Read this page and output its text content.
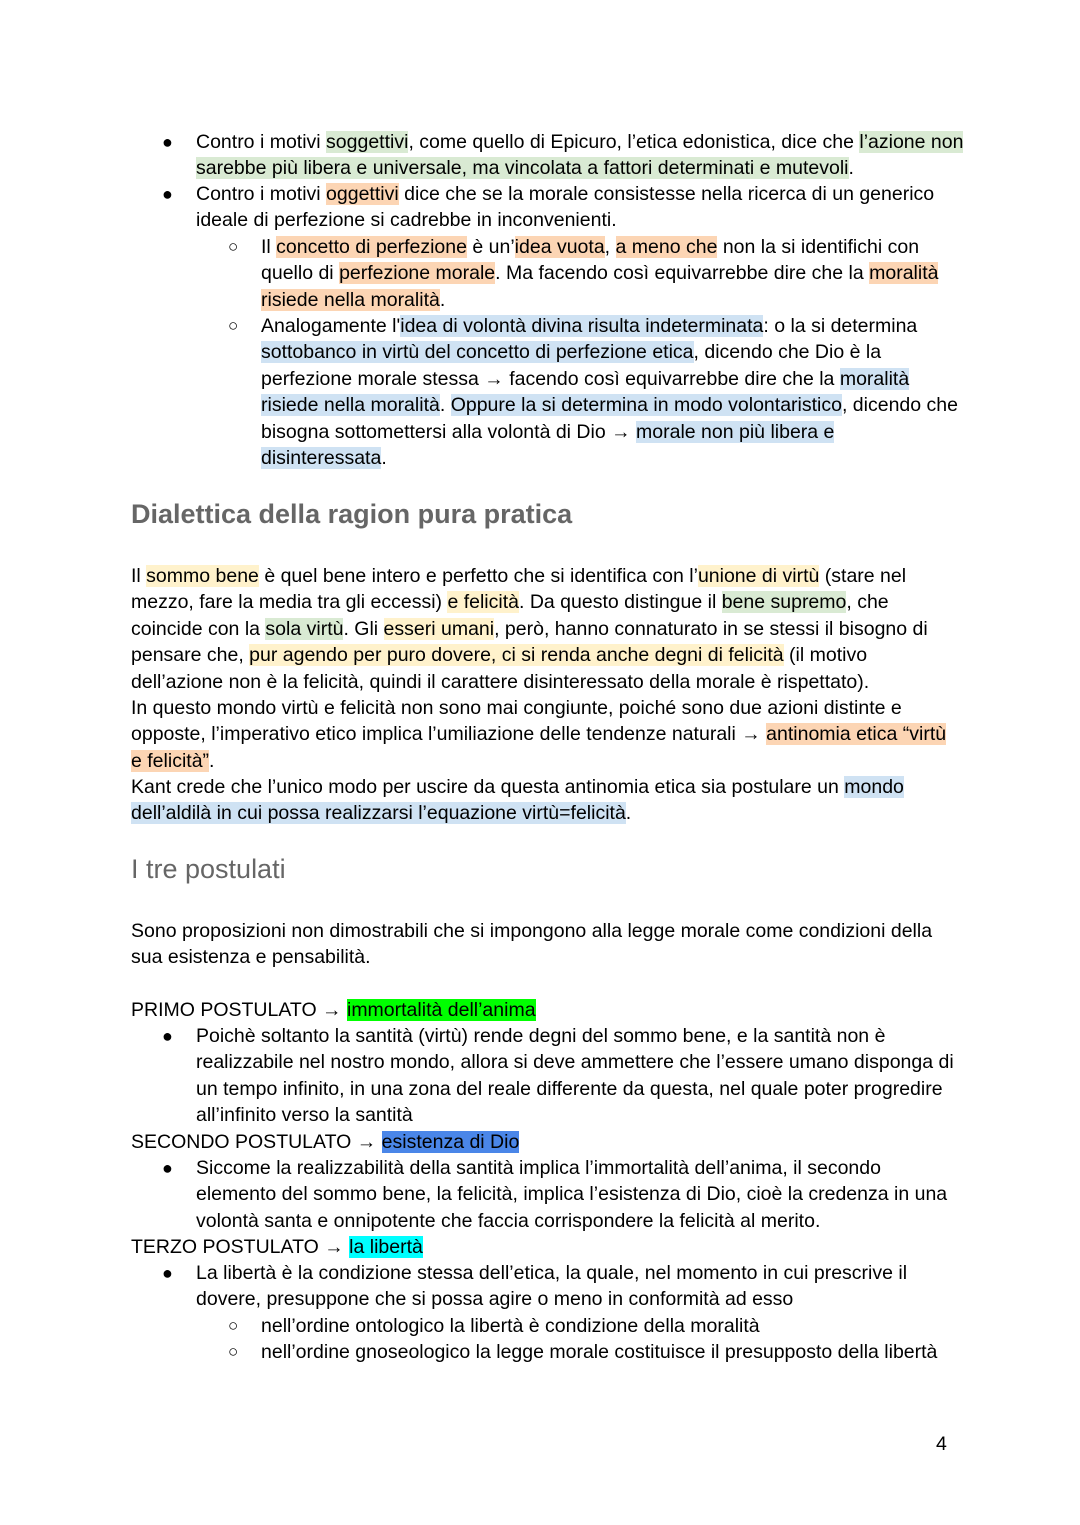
● Contro i motivi soggettivi, come quello di Epicuro, l’etica edonistica, dice che l’azione non sarebbe più libera e universale, ma vincolata a fattori determinati e mutevoli.

● Contro i motivi oggettivi dice che se la morale consistesse nella ricerca di un generico ideale di perfezione si cadrebbe in inconvenienti.

○ Il concetto di perfezione è un’idea vuota, a meno che non la si identifichi con quello di perfezione morale. Ma facendo così equivarrebbe dire che la moralità risiede nella moralità.

○ Analogamente l'idea di volontà divina risulta indeterminata: o la si determina sottobanco in virtù del concetto di perfezione etica, dicendo che Dio è la perfezione morale stessa → facendo così equivarrebbe dire che la moralità risiede nella moralità. Oppure la si determina in modo volontaristico, dicendo che bisogna sottomettersi alla volontà di Dio → morale non più libera e disinteressata.

Dialettica della ragion pura pratica

Il sommo bene è quel bene intero e perfetto che si identifica con l’unione di virtù (stare nel mezzo, fare la media tra gli eccessi) e felicità. Da questo distingue il bene supremo, che coincide con la sola virtù. Gli esseri umani, però, hanno connaturato in se stessi il bisogno di pensare che, pur agendo per puro dovere, ci si renda anche degni di felicità (il motivo dell’azione non è la felicità, quindi il carattere disinteressato della morale è rispettato).

In questo mondo virtù e felicità non sono mai congiunte, poiché sono due azioni distinte e opposte, l’imperativo etico implica l’umiliazione delle tendenze naturali → antinomia etica “virtù e felicità”.

Kant crede che l’unico modo per uscire da questa antinomia etica sia postulare un mondo dell’aldilà in cui possa realizzarsi l’equazione virtù=felicità.

I tre postulati

Sono proposizioni non dimostrabili che si impongono alla legge morale come condizioni della sua esistenza e pensabilità.

PRIMO POSTULATO → immortalità dell’anima

● Poichè soltanto la santità (virtù) rende degni del sommo bene, e la santità non è realizzabile nel nostro mondo, allora si deve ammettere che l’essere umano disponga di un tempo infinito, in una zona del reale differente da questa, nel quale poter progredire all’infinito verso la santità

SECONDO POSTULATO → esistenza di Dio

● Siccome la realizzabilità della santità implica l’immortalità dell’anima, il secondo elemento del sommo bene, la felicità, implica l’esistenza di Dio, cioè la credenza in una volontà santa e onnipotente che faccia corrispondere la felicità al merito.

TERZO POSTULATO → la libertà

● La libertà è la condizione stessa dell’etica, la quale, nel momento in cui prescrive il dovere, presuppone che si possa agire o meno in conformità ad esso

○ nell’ordine ontologico la libertà è condizione della moralità

○ nell’ordine gnoseologico la legge morale costituisce il presupposto della libertà

4
